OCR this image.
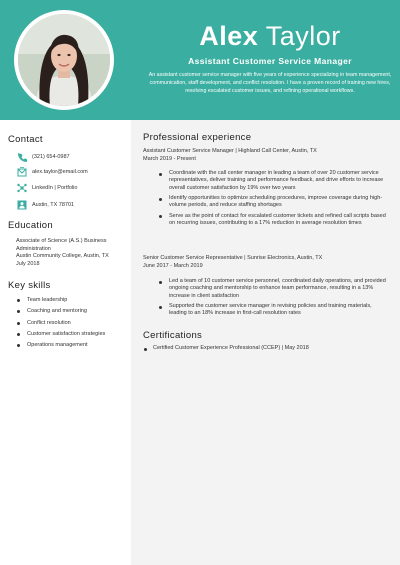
Alex Taylor
Assistant Customer Service Manager
An assistant customer service manager with five years of experience specializing in team management, communication, staff development, and conflict resolution. I have a proven record of training new hires, resolving escalated customer issues, and refining operational workflows.
Contact
(321) 654-0987
alex.taylor@email.com
LinkedIn | Portfolio
Austin, TX 78701
Education
Associate of Science (A.S.) Business Administration
Austin Community College, Austin, TX
July 2018
Key skills
Team leadership
Coaching and mentoring
Conflict resolution
Customer satisfaction strategies
Operations management
Professional experience
Assistant Customer Service Manager | Highland Call Center, Austin, TX
March 2019 - Present
Coordinate with the call center manager in leading a team of over 20 customer service representatives, deliver training and performance feedback, and drive efforts to increase overall customer satisfaction by 19% over two years
Identify opportunities to optimize scheduling procedures, improve coverage during high-volume periods, and reduce staffing shortages
Serve as the point of contact for escalated customer tickets and refined call scripts based on recurring issues, contributing to a 17% reduction in average resolution times
Senior Customer Service Representative | Sunrise Electronics, Austin, TX
June 2017 - March 2019
Led a team of 10 customer service personnel, coordinated daily operations, and provided ongoing coaching and mentorship to enhance team performance, resulting in a 13% increase in client satisfaction
Supported the customer service manager in revising policies and training materials, leading to an 18% increase in first-call resolution rates
Certifications
Certified Customer Experience Professional (CCEP) | May 2018
